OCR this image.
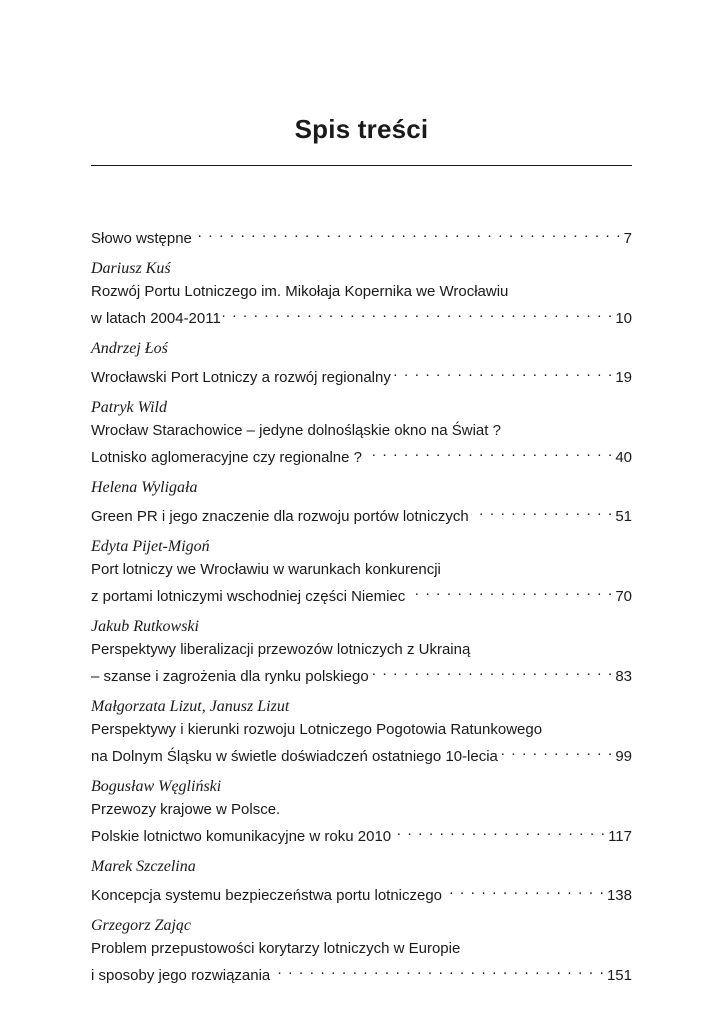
Spis treści
Słowo wstępne . . .	7
Dariusz Kuś
Rozwój Portu Lotniczego im. Mikołaja Kopernika we Wrocławiu
w latach 2004-2011 . . .	10
Andrzej Łoś
Wrocławski Port Lotniczy a rozwój regionalny . . .	19
Patryk Wild
Wrocław Starachowice – jedyne dolnośląskie okno na Świat ?
Lotnisko aglomeracyjne czy regionalne ? . . .	40
Helena Wyligała
Green PR i jego znaczenie dla rozwoju portów lotniczych . . .	51
Edyta Pijet-Migoń
Port lotniczy we Wrocławiu w warunkach konkurencji
z portami lotniczymi wschodniej części Niemiec . . .	70
Jakub Rutkowski
Perspektywy liberalizacji przewozów lotniczych z Ukrainą
– szanse i zagrożenia dla rynku polskiego . . .	83
Małgorzata Lizut, Janusz Lizut
Perspektywy i kierunki rozwoju Lotniczego Pogotowia Ratunkowego
na Dolnym Śląsku w świetle doświadczeń ostatniego 10-lecia . . .	99
Bogusław Węgliński
Przewozy krajowe w Polsce.
Polskie lotnictwo komunikacyjne w roku 2010 . . .	117
Marek Szczelina
Koncepcja systemu bezpieczeństwa portu lotniczego . . .	138
Grzegorz Zając
Problem przepustowości korytarzy lotniczych w Europie
i sposoby jego rozwiązania . . .	151
